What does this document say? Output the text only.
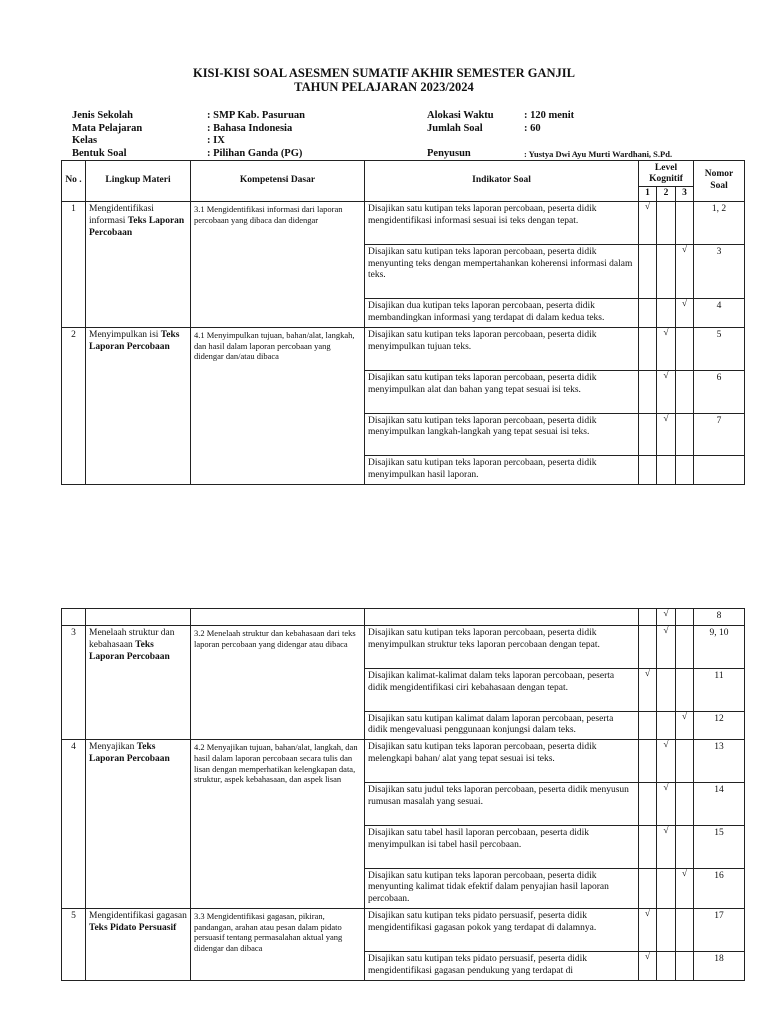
KISI-KISI SOAL ASESMEN SUMATIF AKHIR SEMESTER GANJIL
TAHUN PELAJARAN 2023/2024
Jenis Sekolah	: SMP Kab. Pasuruan
Mata Pelajaran	: Bahasa Indonesia
Kelas	: IX
Bentuk Soal	: Pilihan Ganda (PG)
Alokasi Waktu	: 120 menit
Jumlah Soal	: 60
Penyusun	: Yustya Dwi Ayu Murti Wardhani, S.Pd.
No .	Lingkup Materi	Kompetensi Dasar	Indikator Soal	Level Kognitif			Nomor Soal
				1	2	3	
1	Mengidentifikasi informasi Teks Laporan Percobaan	3.1 Mengidentifikasi informasi dari laporan percobaan yang dibaca dan didengar	Disajikan satu kutipan teks laporan percobaan, peserta didik mengidentifikasi informasi sesuai isi teks dengan tepat.	√			1, 2

			Disajikan satu kutipan teks laporan percobaan, peserta didik menyunting teks dengan mempertahankan koherensi informasi dalam teks.			√	3

			Disajikan dua kutipan teks laporan percobaan, peserta didik membandingkan informasi yang terdapat di dalam kedua teks.			√	4
2	Menyimpulkan isi Teks Laporan Percobaan	4.1 Menyimpulkan tujuan, bahan/alat, langkah, dan hasil dalam laporan percobaan yang didengar dan/atau dibaca	Disajikan satu kutipan teks laporan percobaan, peserta didik menyimpulkan tujuan teks.		√		5

			Disajikan satu kutipan teks laporan percobaan, peserta didik menyimpulkan alat dan bahan yang tepat sesuai isi teks.		√		6

			Disajikan satu kutipan teks laporan percobaan, peserta didik menyimpulkan langkah-langkah yang tepat sesuai isi teks.		√		7

			Disajikan satu kutipan teks laporan percobaan, peserta didik menyimpulkan hasil laporan.				

					√		8
3	Menelaah struktur dan kebahasaan Teks Laporan Percobaan	3.2 Menelaah struktur dan kebahasaan dari teks laporan percobaan yang didengar atau dibaca	Disajikan satu kutipan teks laporan percobaan, peserta didik menyimpulkan struktur teks laporan percobaan dengan tepat.		√		9, 10

			Disajikan kalimat-kalimat dalam teks laporan percobaan, peserta didik mengidentifikasi ciri kebahasaan dengan tepat.	√			11

			Disajikan satu kutipan kalimat dalam laporan percobaan, peserta didik mengevaluasi penggunaan konjungsi dalam teks.			√	12
4	Menyajikan Teks Laporan Percobaan	4.2 Menyajikan tujuan, bahan/alat, langkah, dan hasil dalam laporan percobaan secara tulis dan lisan dengan memperhatikan kelengkapan data, struktur, aspek kebahasaan, dan aspek lisan	Disajikan satu kutipan teks laporan percobaan, peserta didik melengkapi bahan/ alat yang tepat sesuai isi teks.		√		13

			Disajikan satu judul teks laporan percobaan, peserta didik menyusun rumusan masalah yang sesuai.		√		14

			Disajikan satu tabel hasil laporan percobaan, peserta didik menyimpulkan isi tabel hasil percobaan.		√		15

			Disajikan satu kutipan teks laporan percobaan, peserta didik menyunting kalimat tidak efektif dalam penyajian hasil laporan percobaan.			√	16
5	Mengidentifikasi gagasan Teks Pidato Persuasif	3.3 Mengidentifikasi gagasan, pikiran, pandangan, arahan atau pesan dalam pidato persuasif tentang permasalahan aktual yang didengar dan dibaca	Disajikan satu kutipan teks pidato persuasif, peserta didik mengidentifikasi gagasan pokok yang terdapat di dalamnya.	√			17

			Disajikan satu kutipan teks pidato persuasif, peserta didik mengidentifikasi gagasan pendukung yang terdapat di	√			18
